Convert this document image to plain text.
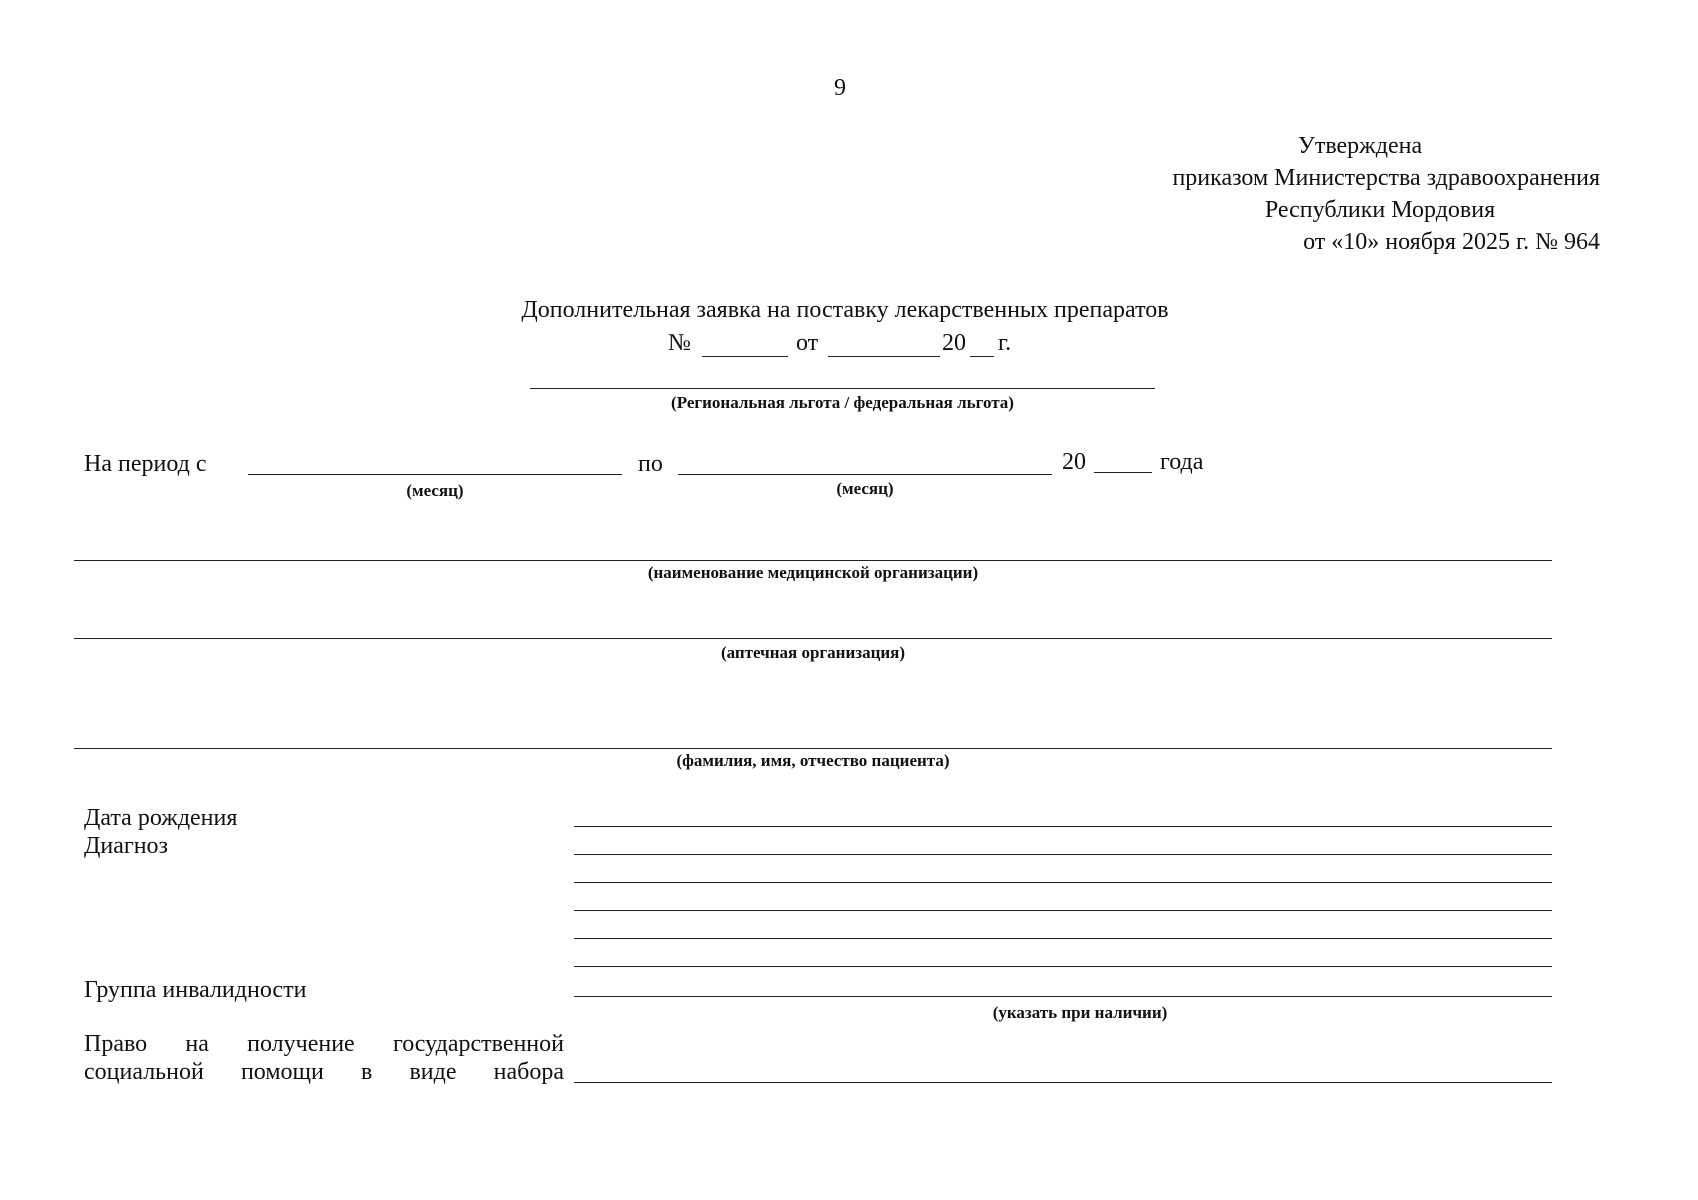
9
Утверждена
приказом Министерства здравоохранения
Республики Мордовия
от «10» ноября 2025 г. № 964
Дополнительная заявка на поставку лекарственных препаратов
№	от	20 г.
(Региональная льгота / федеральная льгота)
На период с
(месяц)
по
(месяц)
20	года
(наименование медицинской организации)
(аптечная организация)
(фамилия, имя, отчество пациента)
Дата рождения
Диагноз
Группа инвалидности
(указать при наличии)
Право на получение государственной
социальной помощи в виде набора
